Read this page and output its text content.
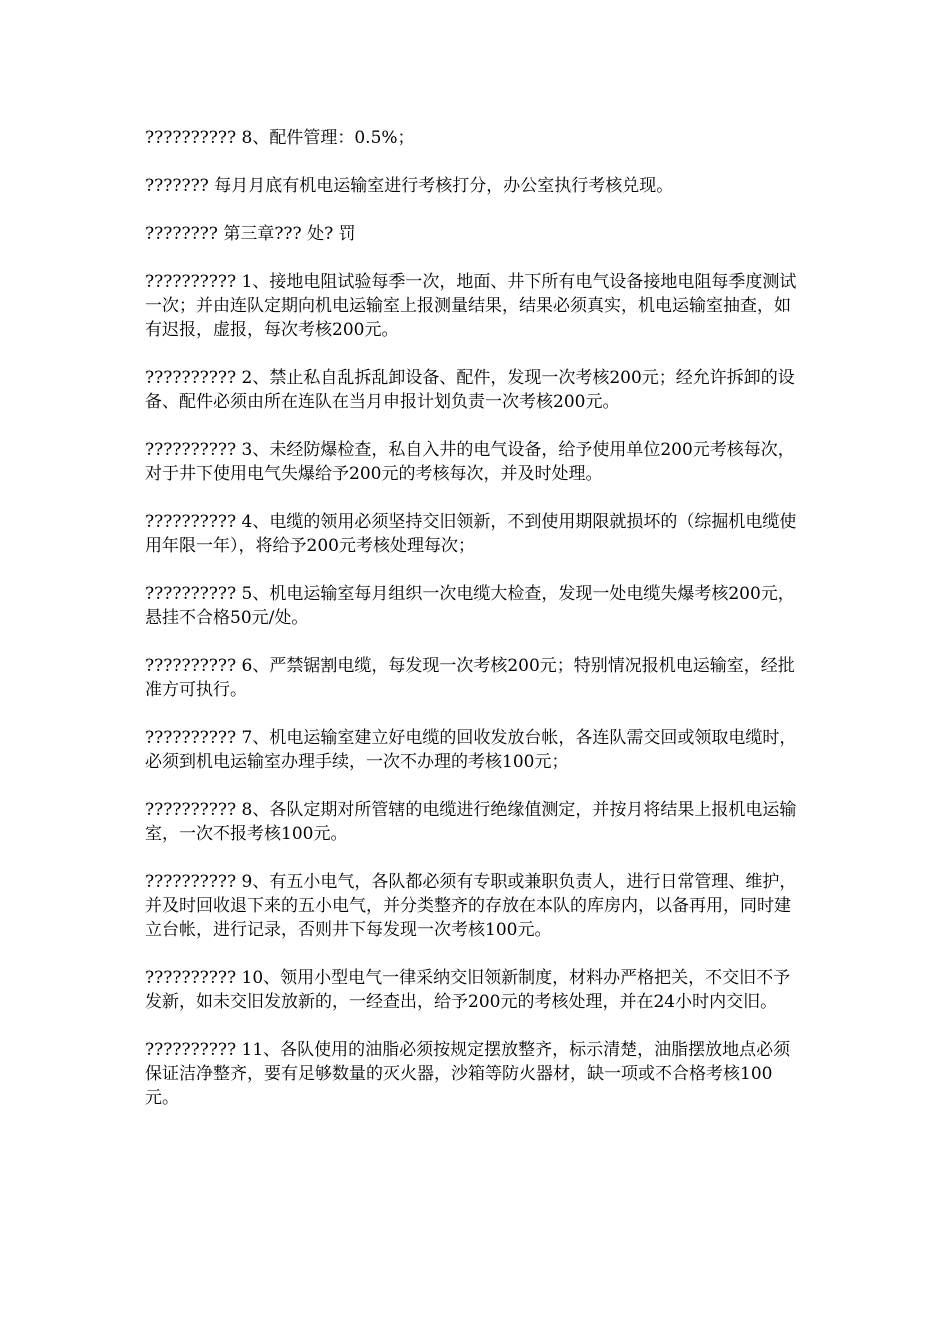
?????????? 8、配件管理：0.5%；

??????? 每月月底有机电运输室进行考核打分，办公室执行考核兑现。

???????? 第三章??? 处? 罚

?????????? 1、接地电阻试验每季一次，地面、井下所有电气设备接地电阻每季度测试一次；并由连队定期向机电运输室上报测量结果，结果必须真实，机电运输室抽查，如有迟报，虚报，每次考核200元。

?????????? 2、禁止私自乱拆乱卸设备、配件，发现一次考核200元；经允许拆卸的设备、配件必须由所在连队在当月申报计划负责一次考核200元。

?????????? 3、未经防爆检查，私自入井的电气设备，给予使用单位200元考核每次，对于井下使用电气失爆给予200元的考核每次，并及时处理。

?????????? 4、电缆的领用必须坚持交旧领新，不到使用期限就损坏的（综掘机电缆使用年限一年），将给予200元考核处理每次；

?????????? 5、机电运输室每月组织一次电缆大检查，发现一处电缆失爆考核200元，悬挂不合格50元/处。

?????????? 6、严禁锯割电缆，每发现一次考核200元；特别情况报机电运输室，经批准方可执行。

?????????? 7、机电运输室建立好电缆的回收发放台帐，各连队需交回或领取电缆时，必须到机电运输室办理手续，一次不办理的考核100元；

?????????? 8、各队定期对所管辖的电缆进行绝缘值测定，并按月将结果上报机电运输室，一次不报考核100元。

?????????? 9、有五小电气，各队都必须有专职或兼职负责人，进行日常管理、维护，并及时回收退下来的五小电气，并分类整齐的存放在本队的库房内，以备再用，同时建立台帐，进行记录，否则井下每发现一次考核100元。

?????????? 10、领用小型电气一律采纳交旧领新制度，材料办严格把关，不交旧不予发新，如未交旧发放新的，一经查出，给予200元的考核处理，并在24小时内交旧。

?????????? 11、各队使用的油脂必须按规定摆放整齐，标示清楚，油脂摆放地点必须保证洁净整齐，要有足够数量的灭火器，沙箱等防火器材，缺一项或不合格考核100元。
